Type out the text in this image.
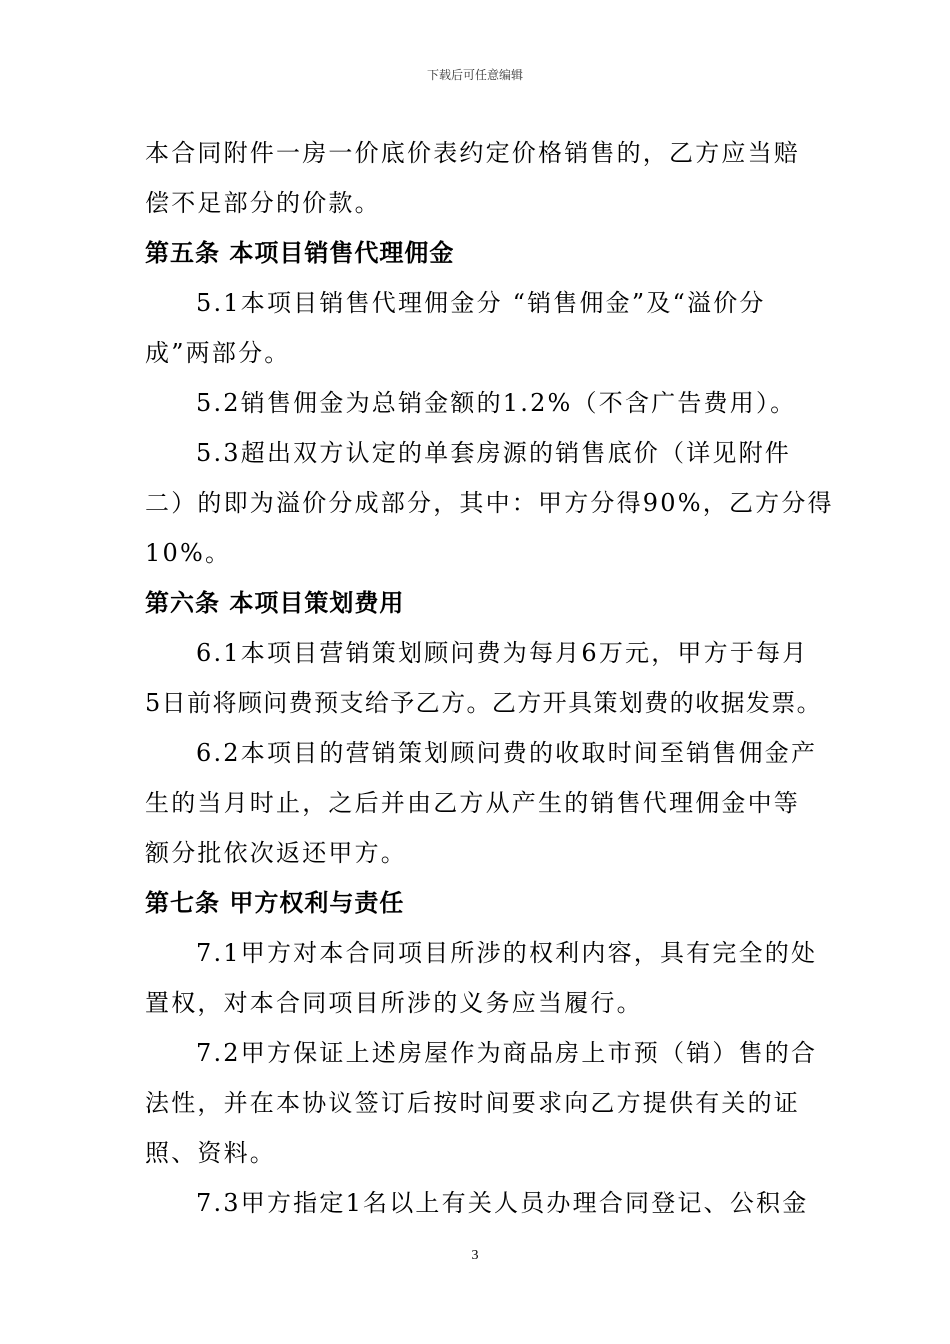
下载后可任意编辑
本合同附件一房一价底价表约定价格销售的，乙方应当赔
偿不足部分的价款。
第五条 本项目销售代理佣金
5.1本项目销售代理佣金分 “销售佣金”及“溢价分
成”两部分。
5.2销售佣金为总销金额的1.2%（不含广告费用）。
5.3超出双方认定的单套房源的销售底价（详见附件
二）的即为溢价分成部分，其中：甲方分得90%，乙方分得
10%。
第六条 本项目策划费用
6.1本项目营销策划顾问费为每月6万元，甲方于每月
5日前将顾问费预支给予乙方。乙方开具策划费的收据发票。
6.2本项目的营销策划顾问费的收取时间至销售佣金产
生的当月时止，之后并由乙方从产生的销售代理佣金中等
额分批依次返还甲方。
第七条 甲方权利与责任
7.1甲方对本合同项目所涉的权利内容，具有完全的处
置权，对本合同项目所涉的义务应当履行。
7.2甲方保证上述房屋作为商品房上市预（销）售的合
法性，并在本协议签订后按时间要求向乙方提供有关的证
照、资料。
7.3甲方指定1名以上有关人员办理合同登记、公积金
3
